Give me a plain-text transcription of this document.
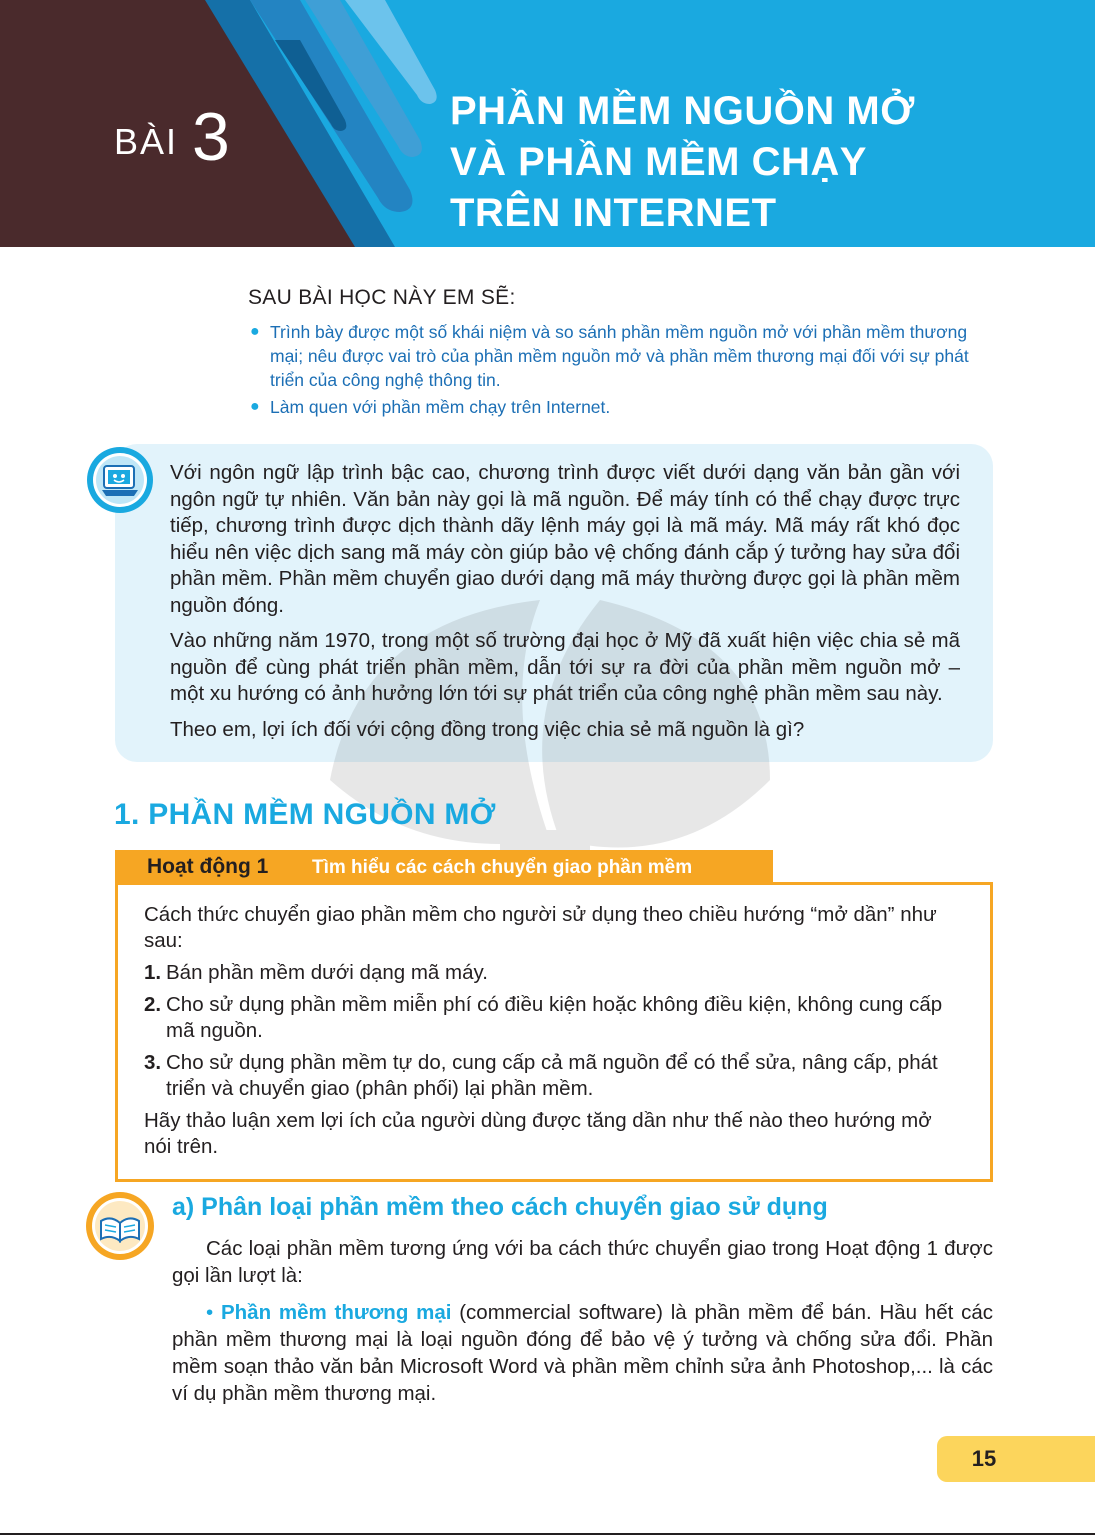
BÀI 3	PHẦN MỀM NGUỒN MỞ
VÀ PHẦN MỀM CHẠY
TRÊN INTERNET
SAU BÀI HỌC NÀY EM SẼ:
● Trình bày được một số khái niệm và so sánh phần mềm nguồn mở với phần mềm thương mại; nêu được vai trò của phần mềm nguồn mở và phần mềm thương mại đối với sự phát triển của công nghệ thông tin.
● Làm quen với phần mềm chạy trên Internet.

Với ngôn ngữ lập trình bậc cao, chương trình được viết dưới dạng văn bản gần với ngôn ngữ tự nhiên. Văn bản này gọi là mã nguồn. Để máy tính có thể chạy được trực tiếp, chương trình được dịch thành dãy lệnh máy gọi là mã máy. Mã máy rất khó đọc hiểu nên việc dịch sang mã máy còn giúp bảo vệ chống đánh cắp ý tưởng hay sửa đổi phần mềm. Phần mềm chuyển giao dưới dạng mã máy thường được gọi là phần mềm nguồn đóng.

Vào những năm 1970, trong một số trường đại học ở Mỹ đã xuất hiện việc chia sẻ mã nguồn để cùng phát triển phần mềm, dẫn tới sự ra đời của phần mềm nguồn mở – một xu hướng có ảnh hưởng lớn tới sự phát triển của công nghệ phần mềm sau này.

Theo em, lợi ích đối với cộng đồng trong việc chia sẻ mã nguồn là gì?

1. PHẦN MỀM NGUỒN MỞ
Hoạt động 1 Tìm hiểu các cách chuyển giao phần mềm

Cách thức chuyển giao phần mềm cho người sử dụng theo chiều hướng “mở dần” như sau:

1. Bán phần mềm dưới dạng mã máy.
2. Cho sử dụng phần mềm miễn phí có điều kiện hoặc không điều kiện, không cung cấp mã nguồn.
3. Cho sử dụng phần mềm tự do, cung cấp cả mã nguồn để có thể sửa, nâng cấp, phát triển và chuyển giao (phân phối) lại phần mềm.

Hãy thảo luận xem lợi ích của người dùng được tăng dần như thế nào theo hướng mở nói trên.

a) Phân loại phần mềm theo cách chuyển giao sử dụng

Các loại phần mềm tương ứng với ba cách thức chuyển giao trong Hoạt động 1 được gọi lần lượt là:

• Phần mềm thương mại (commercial software) là phần mềm để bán. Hầu hết các phần mềm thương mại là loại nguồn đóng để bảo vệ ý tưởng và chống sửa đổi. Phần mềm soạn thảo văn bản Microsoft Word và phần mềm chỉnh sửa ảnh Photoshop,... là các ví dụ phần mềm thương mại.

15
